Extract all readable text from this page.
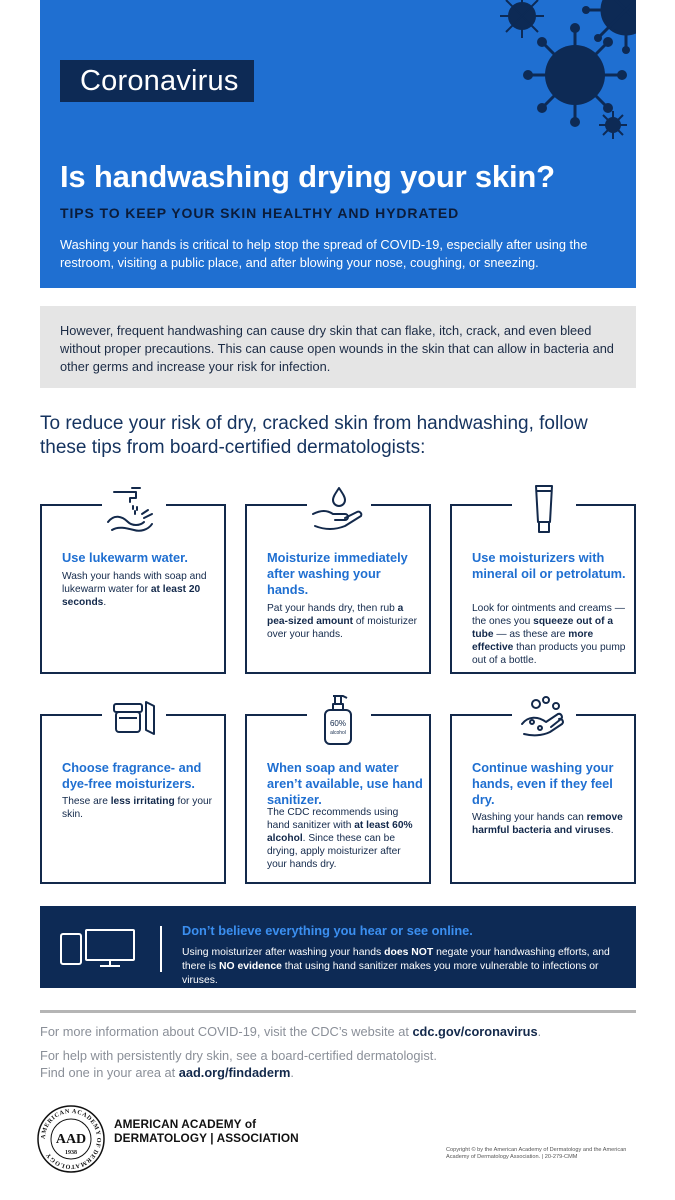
Coronavirus
Is handwashing drying your skin?
TIPS TO KEEP YOUR SKIN HEALTHY AND HYDRATED

Washing your hands is critical to help stop the spread of COVID-19, especially after using the restroom, visiting a public place, and after blowing your nose, coughing, or sneezing.

However, frequent handwashing can cause dry skin that can flake, itch, crack, and even bleed without proper precautions. This can cause open wounds in the skin that can allow in bacteria and other germs and increase your risk for infection.

To reduce your risk of dry, cracked skin from handwashing, follow these tips from board-certified dermatologists:

Use lukewarm water.

Wash your hands with soap and lukewarm water for at least 20 seconds.

Moisturize immediately after washing your hands.

Pat your hands dry, then rub a pea-sized amount of moisturizer over your hands.

Use moisturizers with mineral oil or petrolatum.

Look for ointments and creams — the ones you squeeze out of a tube — as these are more effective than products you pump out of a bottle.

Choose fragrance- and dye-free moisturizers.

These are less irritating for your skin.

60%
alcohol
When soap and water aren’t available, use hand sanitizer.

The CDC recommends using hand sanitizer with at least 60% alcohol. Since these can be drying, apply moisturizer after your hands dry.

Continue washing your hands, even if they feel dry.

Washing your hands can remove harmful bacteria and viruses.

Don’t believe everything you hear or see online.

Using moisturizer after washing your hands does NOT negate your handwashing efforts, and there is NO evidence that using hand sanitizer makes you more vulnerable to infections or viruses.

For more information about COVID-19, visit the CDC’s website at cdc.gov/coronavirus.

For help with persistently dry skin, see a board-certified dermatologist.
Find one in your area at aad.org/findaderm.

AMERICAN ACADEMY OF DERMATOLOGY
AAD
1938
AMERICAN ACADEMY of
DERMATOLOGY | ASSOCIATION

Copyright © by the American Academy of Dermatology and the American Academy of Dermatology Association. | 20-279-CMM
